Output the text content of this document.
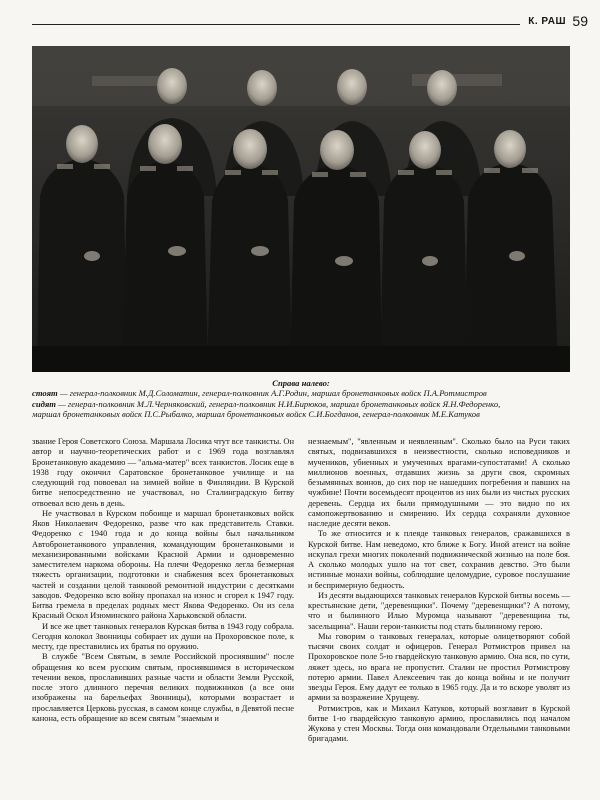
К. РАШ 59
Справа налево:
стоят — генерал-полковник М.Д.Соломатин, генерал-полковник А.Г.Родин, маршал бронетанковых войск П.А.Ротмистров
сидят — генерал-полковник М.Л.Черняковский, генерал-полковник Н.И.Бирюков, маршал бронетанковых войск Я.Н.Федоренко,
маршал бронетанковых войск П.С.Рыбалко, маршал бронетанковых войск С.И.Богданов, генерал-полковник М.Е.Катуков

звание Героя Советского Союза. Маршала Лосика чтут все танкисты. Он автор и научно-теоретических работ и с 1969 года возглавлял Бронетанковую академию — "альма-матер" всех танкистов. Лосик еще в 1938 году окончил Саратовское бронетанковое училище и на следующий год повоевал на зимней войне в Финляндии. В Курской битве непосредственно не участвовал, но Сталинградскую битву отвоевал всю день в день.

Не участвовал в Курском побоище и маршал бронетанковых войск Яков Николаевич Федоренко, разве что как представитель Ставки. Федоренко с 1940 года и до конца войны был начальником Автобронетанкового управления, командующим бронетанковыми и механизированными войсками Красной Армии и одновременно заместителем наркома обороны. На плечи Федоренко легла безмерная тяжесть организации, подготовки и снабжения всех бронетанковых частей и создании целой танковой ремонтной индустрии с десятками заводов. Федоренко всю войну пропахал на износ и сгорел к 1947 году. Битва гремела в пределах родных мест Якова Федоренко. Он из села Красный Оскол Изюминского района Харьковской области.

И все же цвет танковых генералов Курская битва в 1943 году собрала. Сегодня колокол Звонницы собирает их души на Прохоровское поле, к месту, где преставились их братья по оружию.

В службе "Всем Святым, в земле Российской просиявшим" после обращения ко всем русским святым, просиявшимся в историческом течении веков, прославивших разные части и области Земли Русской, после этого длинного перечня великих подвижников (а все они изображены на барельефах Звонницы), которыми возрастает и прославляется Церковь русская, в самом конце службы, в Девятой песне канона, есть обращение ко всем святым "знаемым и

незнаемым", "явленным и неявленным". Сколько было на Руси таких святых, подвизавшихся в неизвестности, сколько исповедников и мучеников, убиенных и умученных врагами-супостатами! А сколько миллионов военных, отдавших жизнь за други своя, скромных безымянных воинов, до сих пор не нашедших погребения и павших на чужбине! Почти восемьдесят процентов из них были из чистых русских деревень. Сердца их были прямодушными — это видно по их самопожертвованию и смирению. Их сердца сохраняли духовное наследие десяти веков.

То же относится и к плеяде танковых генералов, сражавшихся в Курской битве. Нам неведомо, кто ближе к Богу. Иной атеист на войне искупал грехи многих поколений подвижнической жизнью на поле боя. А сколько молодых ушло на тот свет, сохранив девство. Это были истинные монахи войны, соблюдшие целомудрие, суровое послушание и беспримерную бедность.

Из десяти выдающихся танковых генералов Курской битвы восемь — крестьянские дети, "деревенщики". Почему "деревенщики"? А потому, что и былинного Илью Муромца называют "деревенщина ты, засельщина". Наши герои-танкисты под стать былинному герою.

Мы говорим о танковых генералах, которые олицетворяют собой тысячи своих солдат и офицеров. Генерал Ротмистров привел на Прохоровское поле 5-ю гвардейскую танковую армию. Она вся, по сути, ляжет здесь, но врага не пропустит. Сталин не простил Ротмистрову потерю армии. Павел Алексеевич так до конца войны и не получит звезды Героя. Ему дадут ее только в 1965 году. Да и то вскоре уволят из армии за возражение Хрущеву.

Ротмистров, как и Михаил Катуков, который возглавит в Курской битве 1-ю гвардейскую танковую армию, прославились под началом Жукова у стен Москвы. Тогда они командовали Отдельными танковыми бригадами.
